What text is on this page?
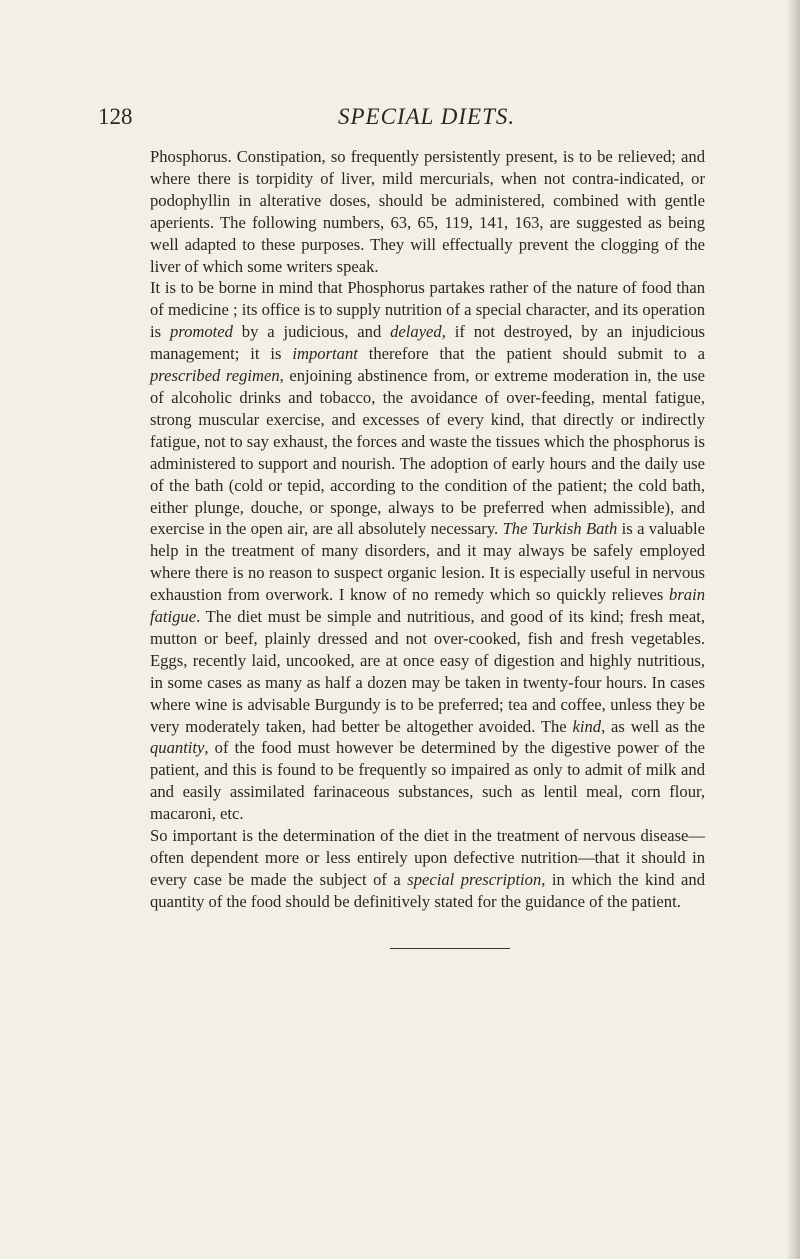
128	SPECIAL DIETS.

Phosphorus. Constipation, so frequently persistently present, is to be relieved; and where there is torpidity of liver, mild mercurials, when not contra-indicated, or podophyllin in alterative doses, should be administered, combined with gentle aperients. The following numbers, 63, 65, 119, 141, 163, are suggested as being well adapted to these purposes. They will effectually prevent the clogging of the liver of which some writers speak.

It is to be borne in mind that Phosphorus partakes rather of the nature of food than of medicine ; its office is to supply nutrition of a special character, and its operation is promoted by a judicious, and delayed, if not destroyed, by an injudicious management; it is important therefore that the patient should submit to a prescribed regimen, enjoining abstinence from, or extreme moderation in, the use of alcoholic drinks and tobacco, the avoidance of over-feeding, mental fatigue, strong muscular exercise, and excesses of every kind, that directly or indirectly fatigue, not to say exhaust, the forces and waste the tissues which the phosphorus is administered to support and nourish. The adoption of early hours and the daily use of the bath (cold or tepid, according to the condition of the patient; the cold bath, either plunge, douche, or sponge, always to be preferred when admissible), and exercise in the open air, are all absolutely necessary. The Turkish Bath is a valuable help in the treatment of many disorders, and it may always be safely employed where there is no reason to suspect organic lesion. It is especially useful in nervous exhaustion from overwork. I know of no remedy which so quickly relieves brain fatigue. The diet must be simple and nutritious, and good of its kind; fresh meat, mutton or beef, plainly dressed and not over-cooked, fish and fresh vegetables. Eggs, recently laid, uncooked, are at once easy of digestion and highly nutritious, in some cases as many as half a dozen may be taken in twenty-four hours. In cases where wine is advisable Burgundy is to be preferred; tea and coffee, unless they be very moderately taken, had better be altogether avoided. The kind, as well as the quantity, of the food must however be determined by the digestive power of the patient, and this is found to be frequently so impaired as only to admit of milk and and easily assimilated farinaceous substances, such as lentil meal, corn flour, macaroni, etc.

So important is the determination of the diet in the treatment of nervous disease—often dependent more or less entirely upon defective nutrition—that it should in every case be made the subject of a special prescription, in which the kind and quantity of the food should be definitively stated for the guidance of the patient.
